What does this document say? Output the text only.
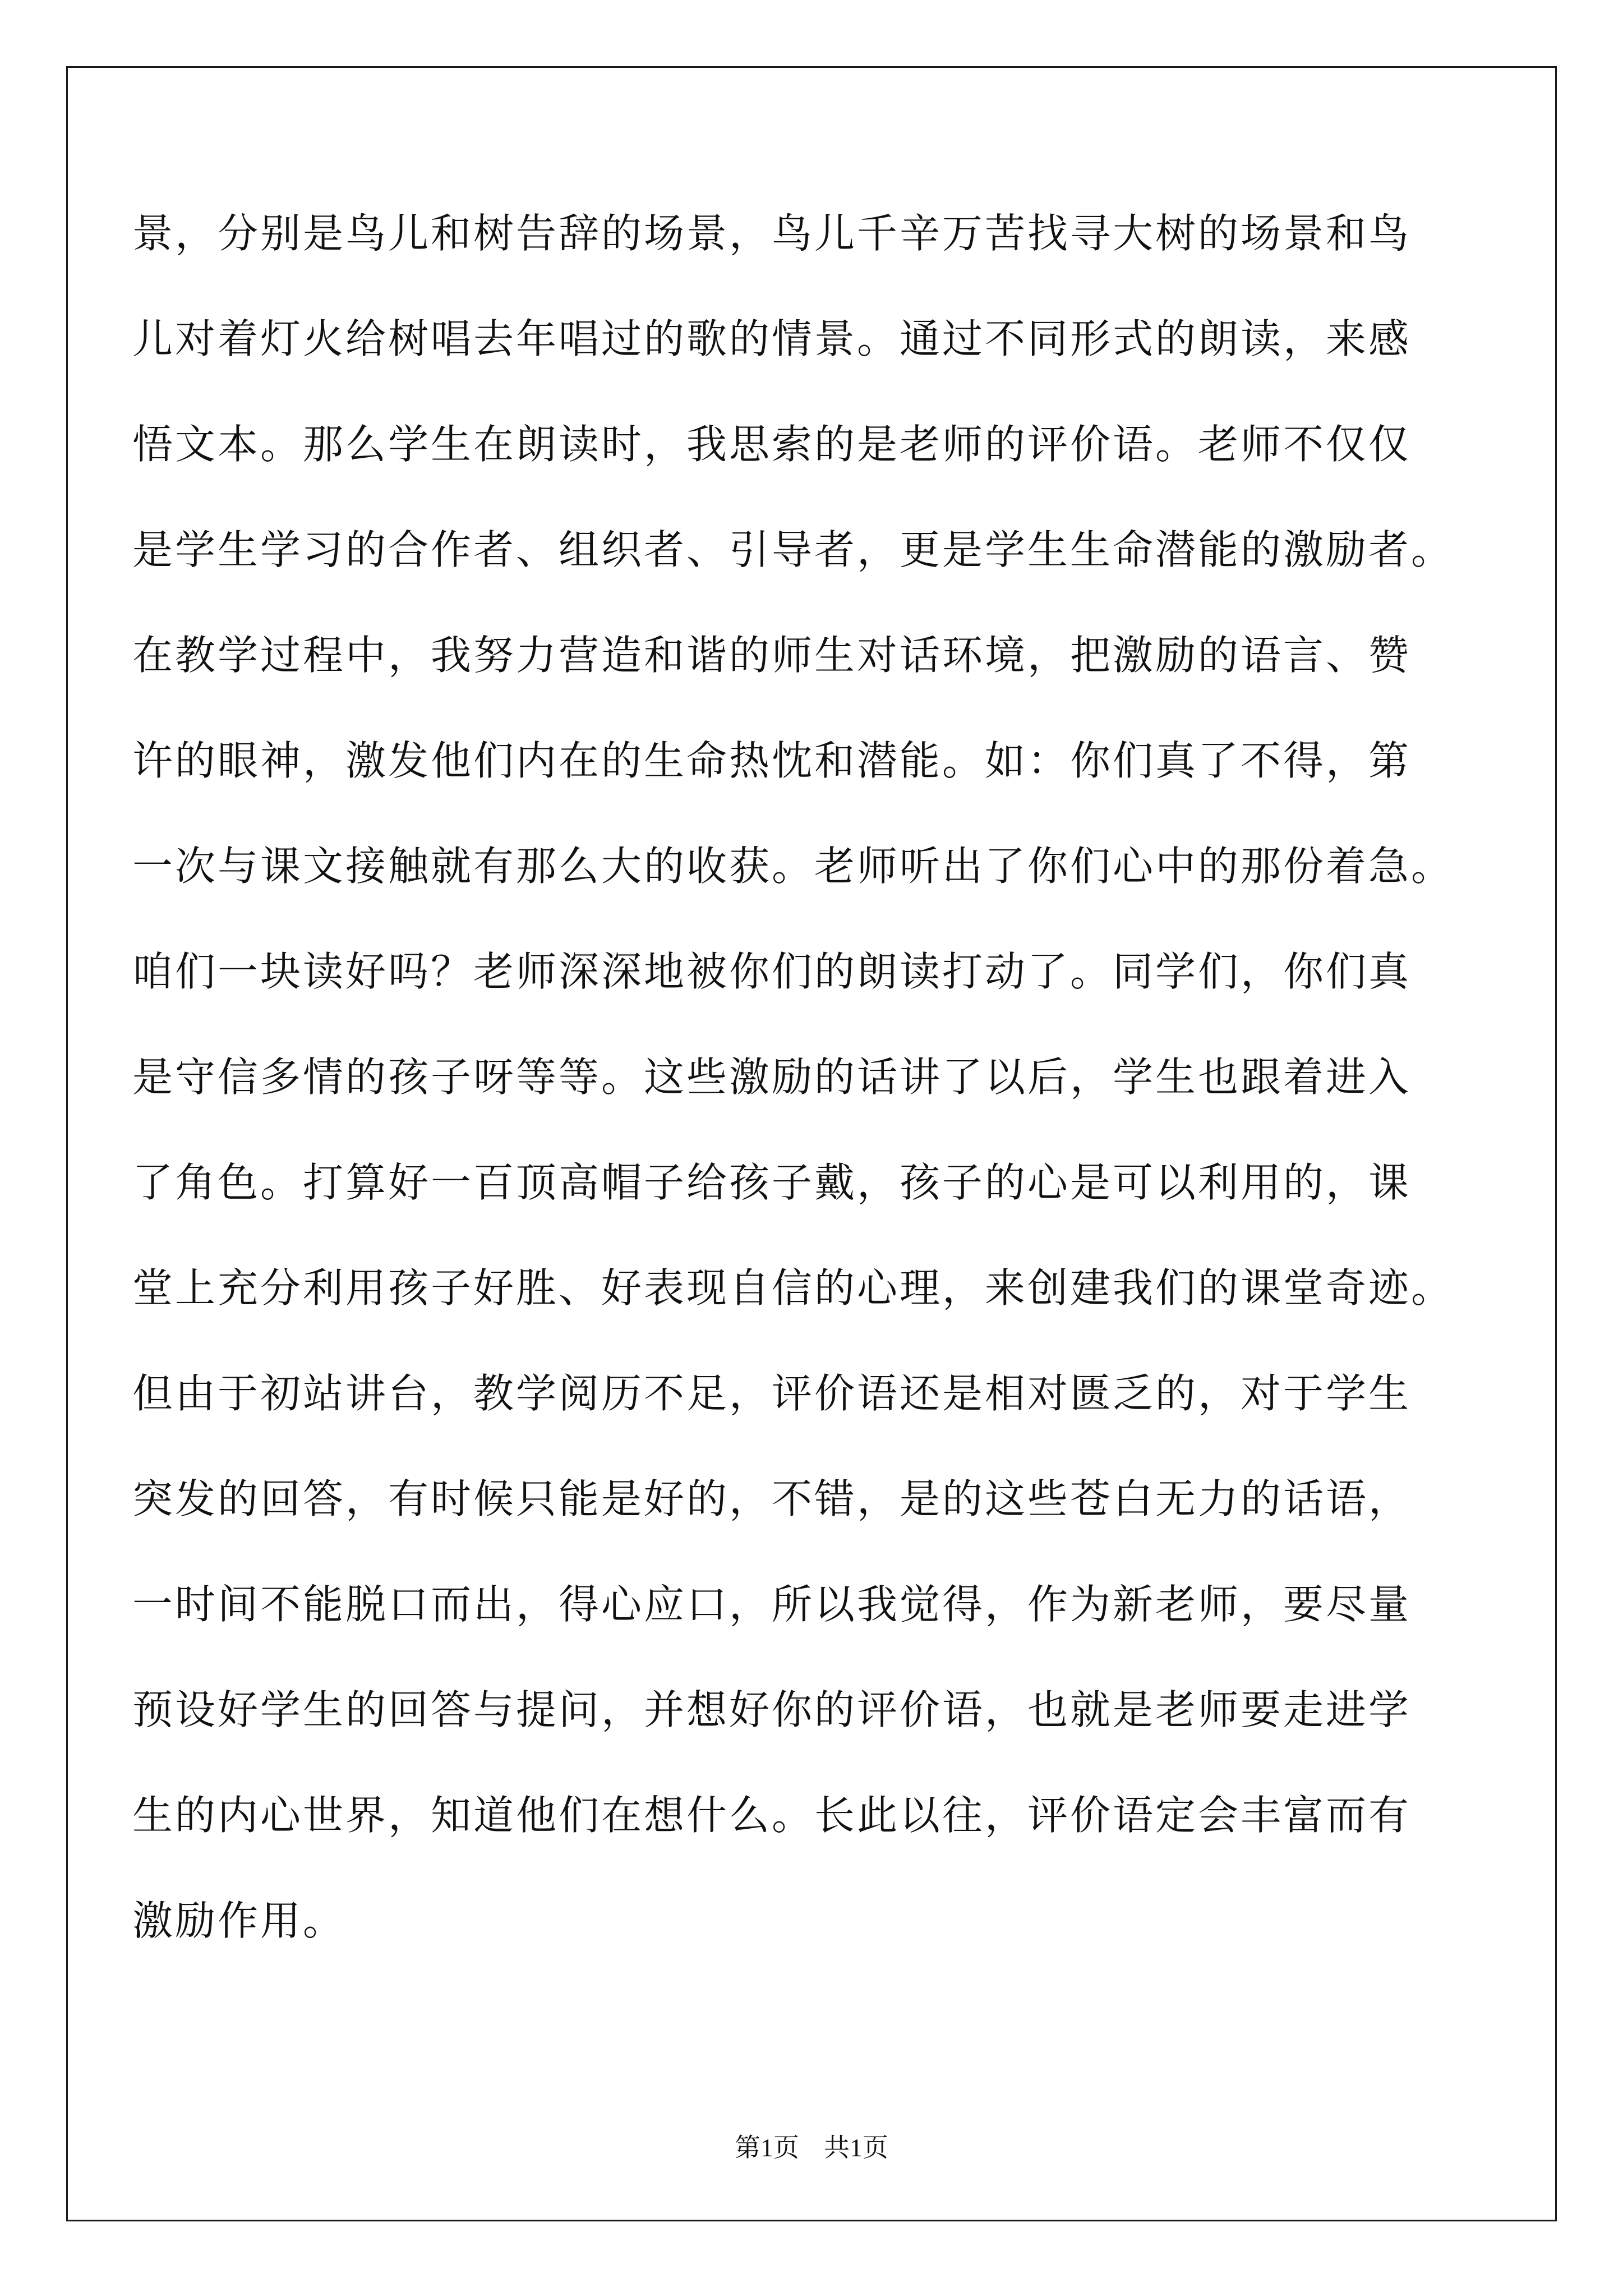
景，分别是鸟儿和树告辞的场景，鸟儿千辛万苦找寻大树的场景和鸟
儿对着灯火给树唱去年唱过的歌的情景。通过不同形式的朗读，来感
悟文本。那么学生在朗读时，我思索的是老师的评价语。老师不仅仅
是学生学习的合作者、组织者、引导者，更是学生生命潜能的激励者。
在教学过程中，我努力营造和谐的师生对话环境，把激励的语言、赞
许的眼神，激发他们内在的生命热忱和潜能。如：你们真了不得，第
一次与课文接触就有那么大的收获。老师听出了你们心中的那份着急。
咱们一块读好吗？老师深深地被你们的朗读打动了。同学们，你们真
是守信多情的孩子呀等等。这些激励的话讲了以后，学生也跟着进入
了角色。打算好一百顶高帽子给孩子戴，孩子的心是可以利用的，课
堂上充分利用孩子好胜、好表现自信的心理，来创建我们的课堂奇迹。
但由于初站讲台，教学阅历不足，评价语还是相对匮乏的，对于学生
突发的回答，有时候只能是好的，不错，是的这些苍白无力的话语，
一时间不能脱口而出，得心应口，所以我觉得，作为新老师，要尽量
预设好学生的回答与提问，并想好你的评价语，也就是老师要走进学
生的内心世界，知道他们在想什么。长此以往，评价语定会丰富而有
激励作用。
第1页 共1页
